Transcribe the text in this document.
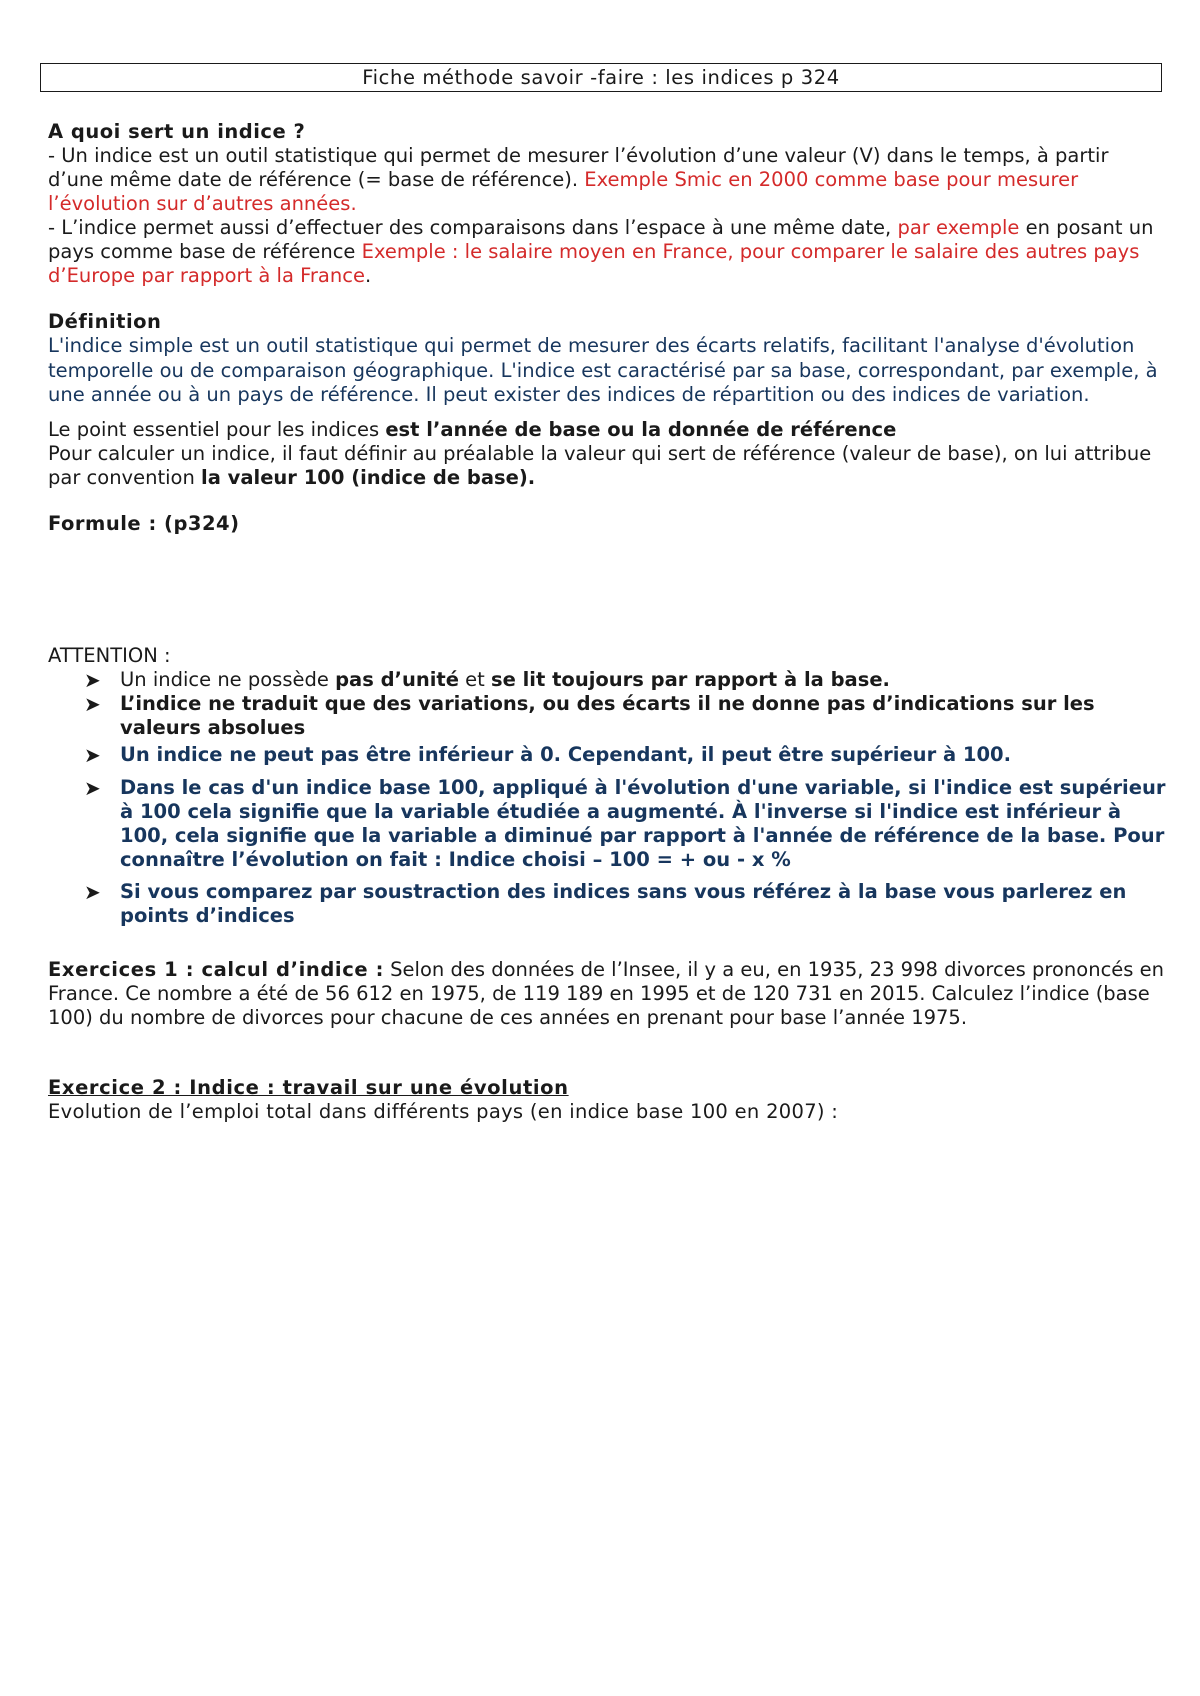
Fiche méthode savoir -faire : les indices p 324

A quoi sert un indice ?

- Un indice est un outil statistique qui permet de mesurer l’évolution d’une valeur (V) dans le temps, à partir d’une même date de référence (= base de référence). Exemple Smic en 2000 comme base pour mesurer l’évolution sur d’autres années.

- L’indice permet aussi d’effectuer des comparaisons dans l’espace à une même date, par exemple en posant un pays comme base de référence Exemple : le salaire moyen en France, pour comparer le salaire des autres pays d’Europe par rapport à la France.

Définition

L'indice simple est un outil statistique qui permet de mesurer des écarts relatifs, facilitant l'analyse d'évolution temporelle ou de comparaison géographique. L'indice est caractérisé par sa base, correspondant, par exemple, à une année ou à un pays de référence. Il peut exister des indices de répartition ou des indices de variation.

Le point essentiel pour les indices est l’année de base ou la donnée de référence

Pour calculer un indice, il faut définir au préalable la valeur qui sert de référence (valeur de base), on lui attribue par convention la valeur 100 (indice de base).

Formule : (p324)

ATTENTION :

➤ Un indice ne possède pas d’unité et se lit toujours par rapport à la base.
➤ L’indice ne traduit que des variations, ou des écarts il ne donne pas d’indications sur les valeurs absolues
➤ Un indice ne peut pas être inférieur à 0. Cependant, il peut être supérieur à 100.
➤ Dans le cas d'un indice base 100, appliqué à l'évolution d'une variable, si l'indice est supérieur à 100 cela signifie que la variable étudiée a augmenté. À l'inverse si l'indice est inférieur à 100, cela signifie que la variable a diminué par rapport à l'année de référence de la base. Pour connaître l’évolution on fait : Indice choisi – 100 = + ou - x %
➤ Si vous comparez par soustraction des indices sans vous référez à la base vous parlerez en points d’indices

Exercices 1 : calcul d’indice : Selon des données de l’Insee, il y a eu, en 1935, 23 998 divorces prononcés en France. Ce nombre a été de 56 612 en 1975, de 119 189 en 1995 et de 120 731 en 2015. Calculez l’indice (base 100) du nombre de divorces pour chacune de ces années en prenant pour base l’année 1975.

Exercice 2 : Indice : travail sur une évolution

Evolution de l’emploi total dans différents pays (en indice base 100 en 2007) :
